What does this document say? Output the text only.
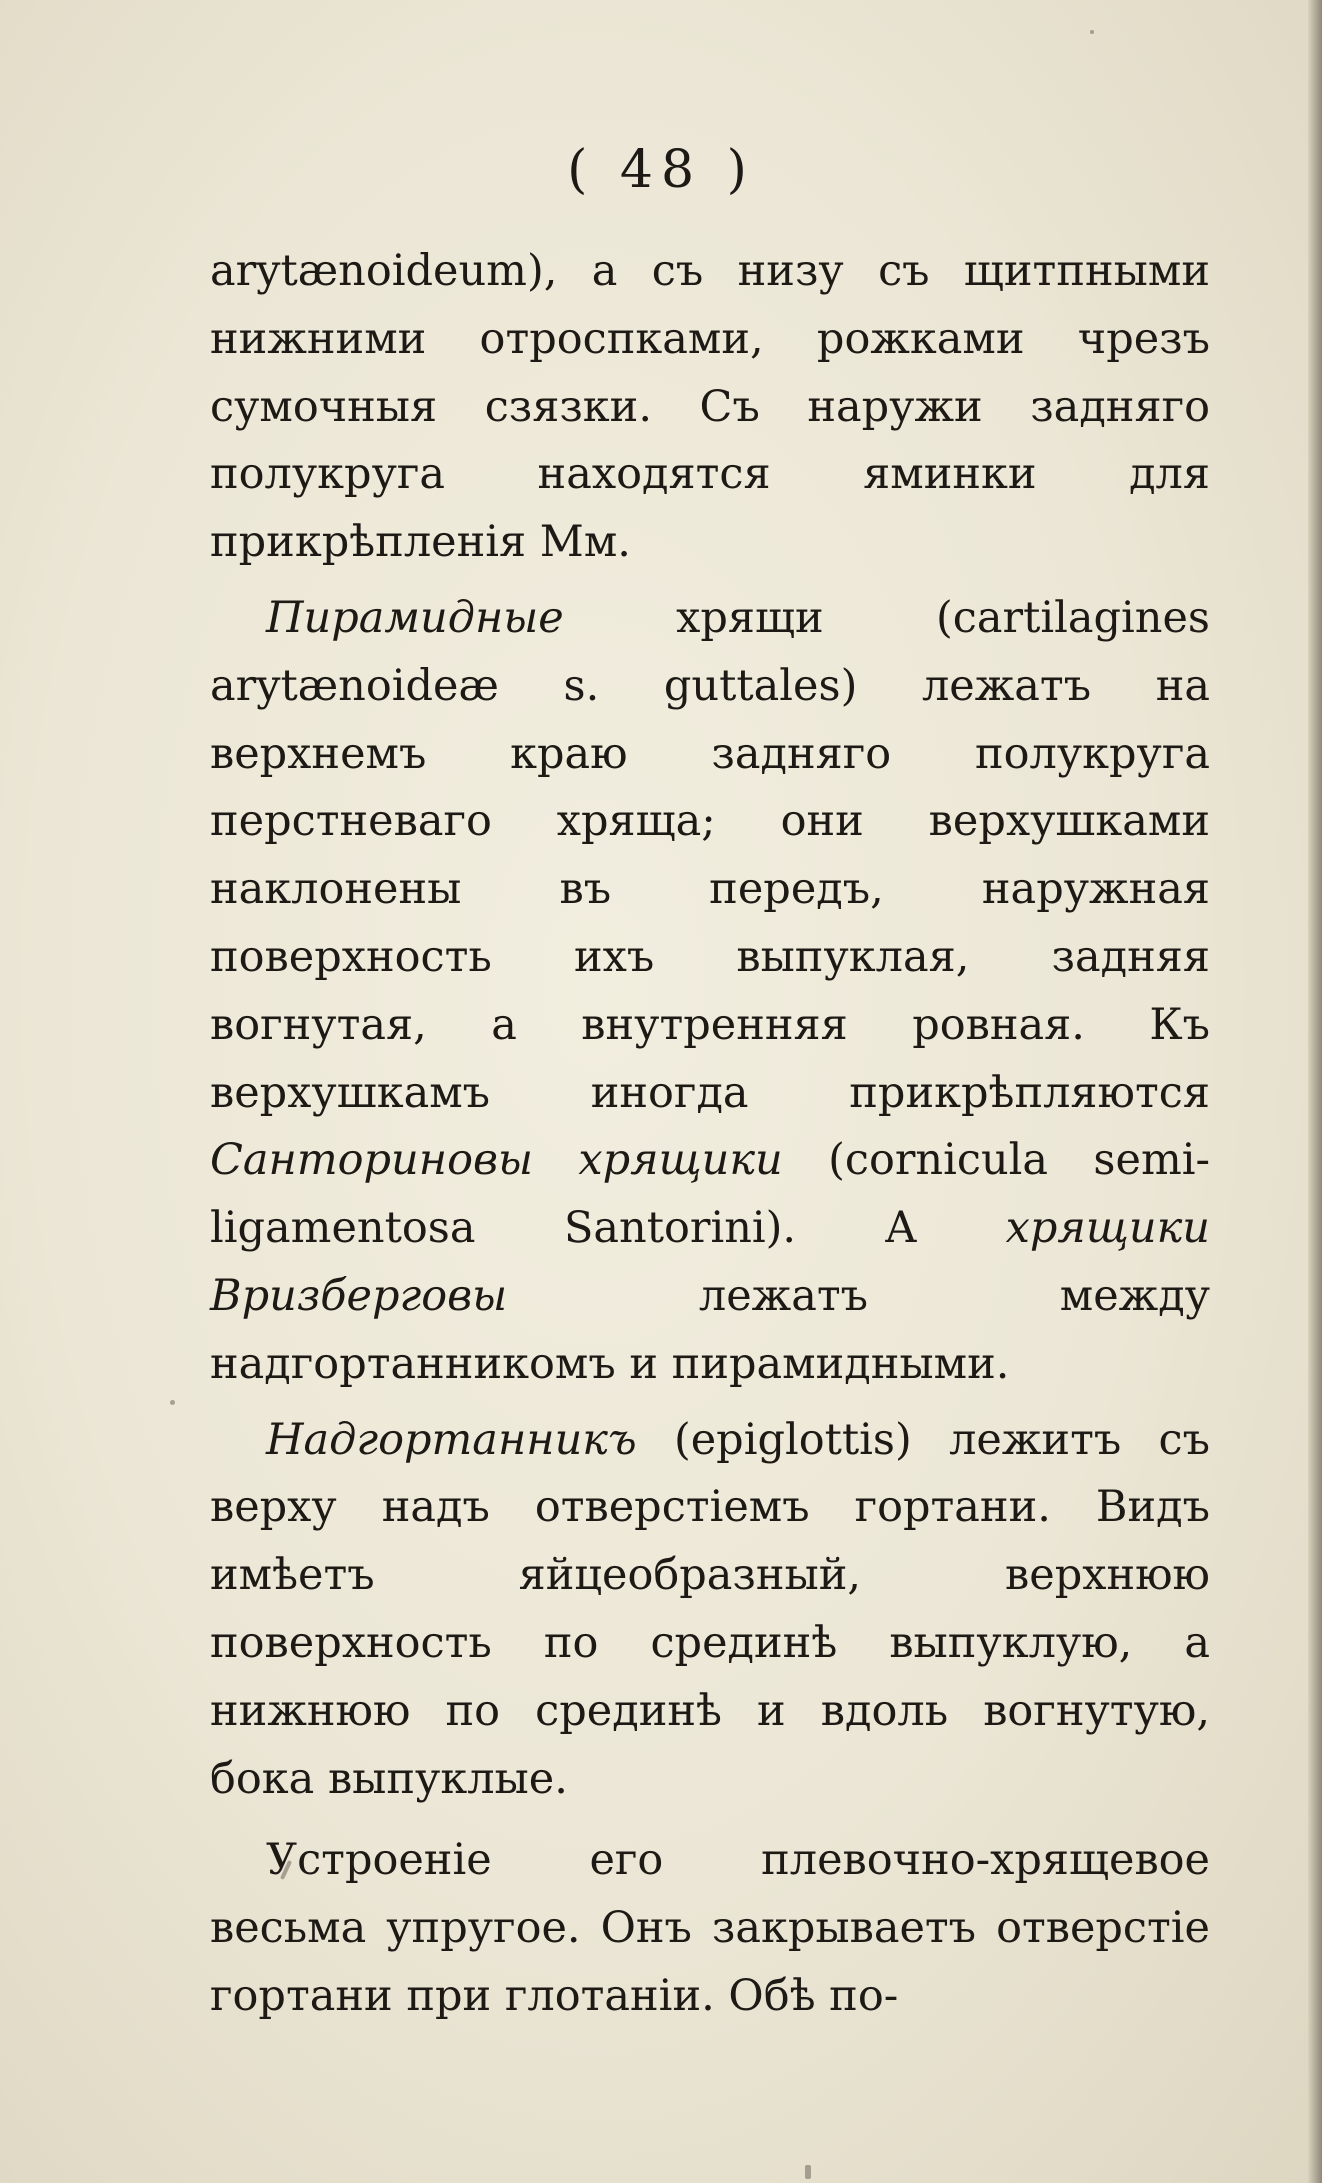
( 48 )

arytænoideum), а съ низу съ щитпными нижними отроспками, рожками чрезъ сумочныя сзязки. Съ наружи задняго полукруга находятся яминки для прикрѣпленія Мм.

Пирамидные хрящи (cartilagines arytænoideæ s. guttales) лежатъ на верхнемъ краю задняго полукруга перстневаго хряща; они верхушками наклонены въ передъ, наружная поверхность ихъ выпуклая, задняя вогнутая, а внутренняя ровная. Къ верхушкамъ иногда прикрѣпляются Санториновы хрящики (cornicula semi-ligamentosa Santorini). А хрящики Вризберговы лежатъ между надгортанникомъ и пирамидными.

Надгортанникъ (epiglottis) лежитъ съ верху надъ отверстіемъ гортани. Видъ имѣетъ яйцеобразный, верхнюю поверхность по срединѣ выпуклую, а нижнюю по срединѣ и вдоль вогнутую, бока выпуклые.

Устроеніе его плевочно-хрящевое весьма упругое. Онъ закрываетъ отверстіе гортани при глотаніи. Обѣ по-
